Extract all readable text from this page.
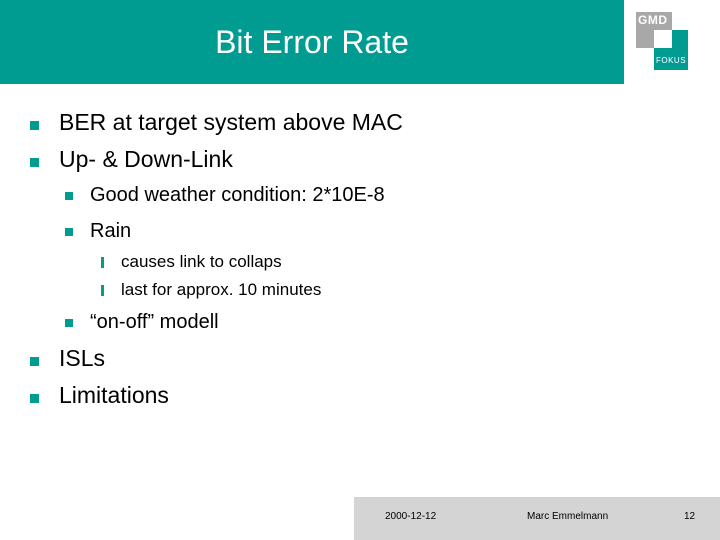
Bit Error Rate
GMD
FOKUS
BER at target system above MAC
Up- & Down-Link
Good weather condition: 2*10E-8
Rain
causes link to collaps
last for approx. 10 minutes
“on-off” modell
ISLs
Limitations
2000-12-12	Marc Emmelmann	12
